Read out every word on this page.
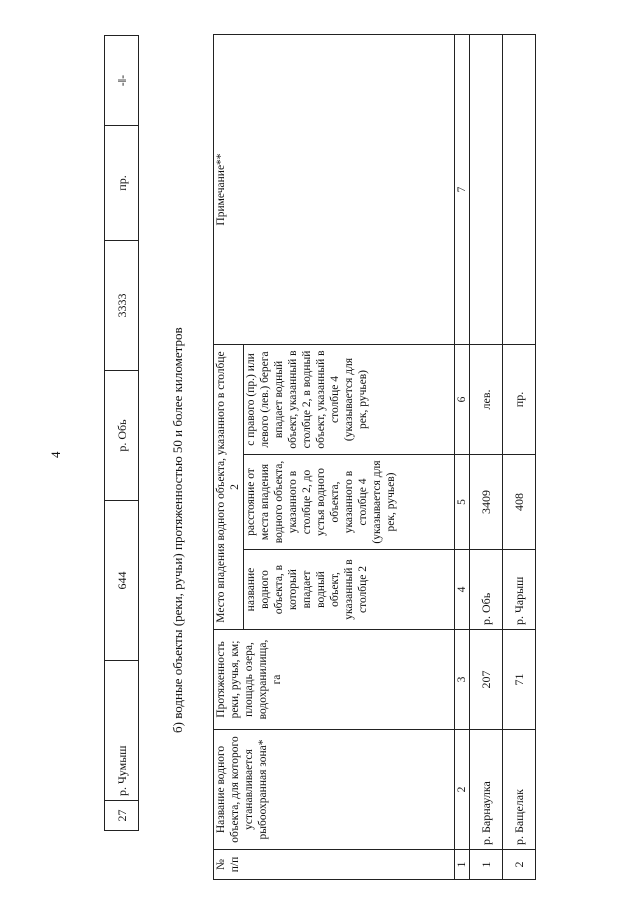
4
27	р. Чумыш	644	р. Обь	3333	пр.	-‖-
б) водные объекты (реки, ручьи) протяженностью 50 и более километров
№ п/п	Название водного объекта, для которого устанавливается рыбоохранная зона*	Протяженность реки, ручья, км; площадь озера, водохранилища, га	Место впадения водного объекта, указанного в столбце 2			Примечание**
			название водного объекта, в который впадает водный объект, указанный в столбце 2	расстояние от места впадения водного объекта, указанного в столбце 2, до устья водного объекта, указанного в столбце 4 (указывается для рек, ручьев)	с правого (пр.) или левого (лев.) берега впадает водный объект, указанный в столбце 2, в водный объект, указанный в столбце 4 (указывается для рек, ручьев)	
1	2	3	4	5	6	7
1	р. Барнаулка	207	р. Обь	3409	лев.	
2	р. Бащелак	71	р. Чарыш	408	пр.	
